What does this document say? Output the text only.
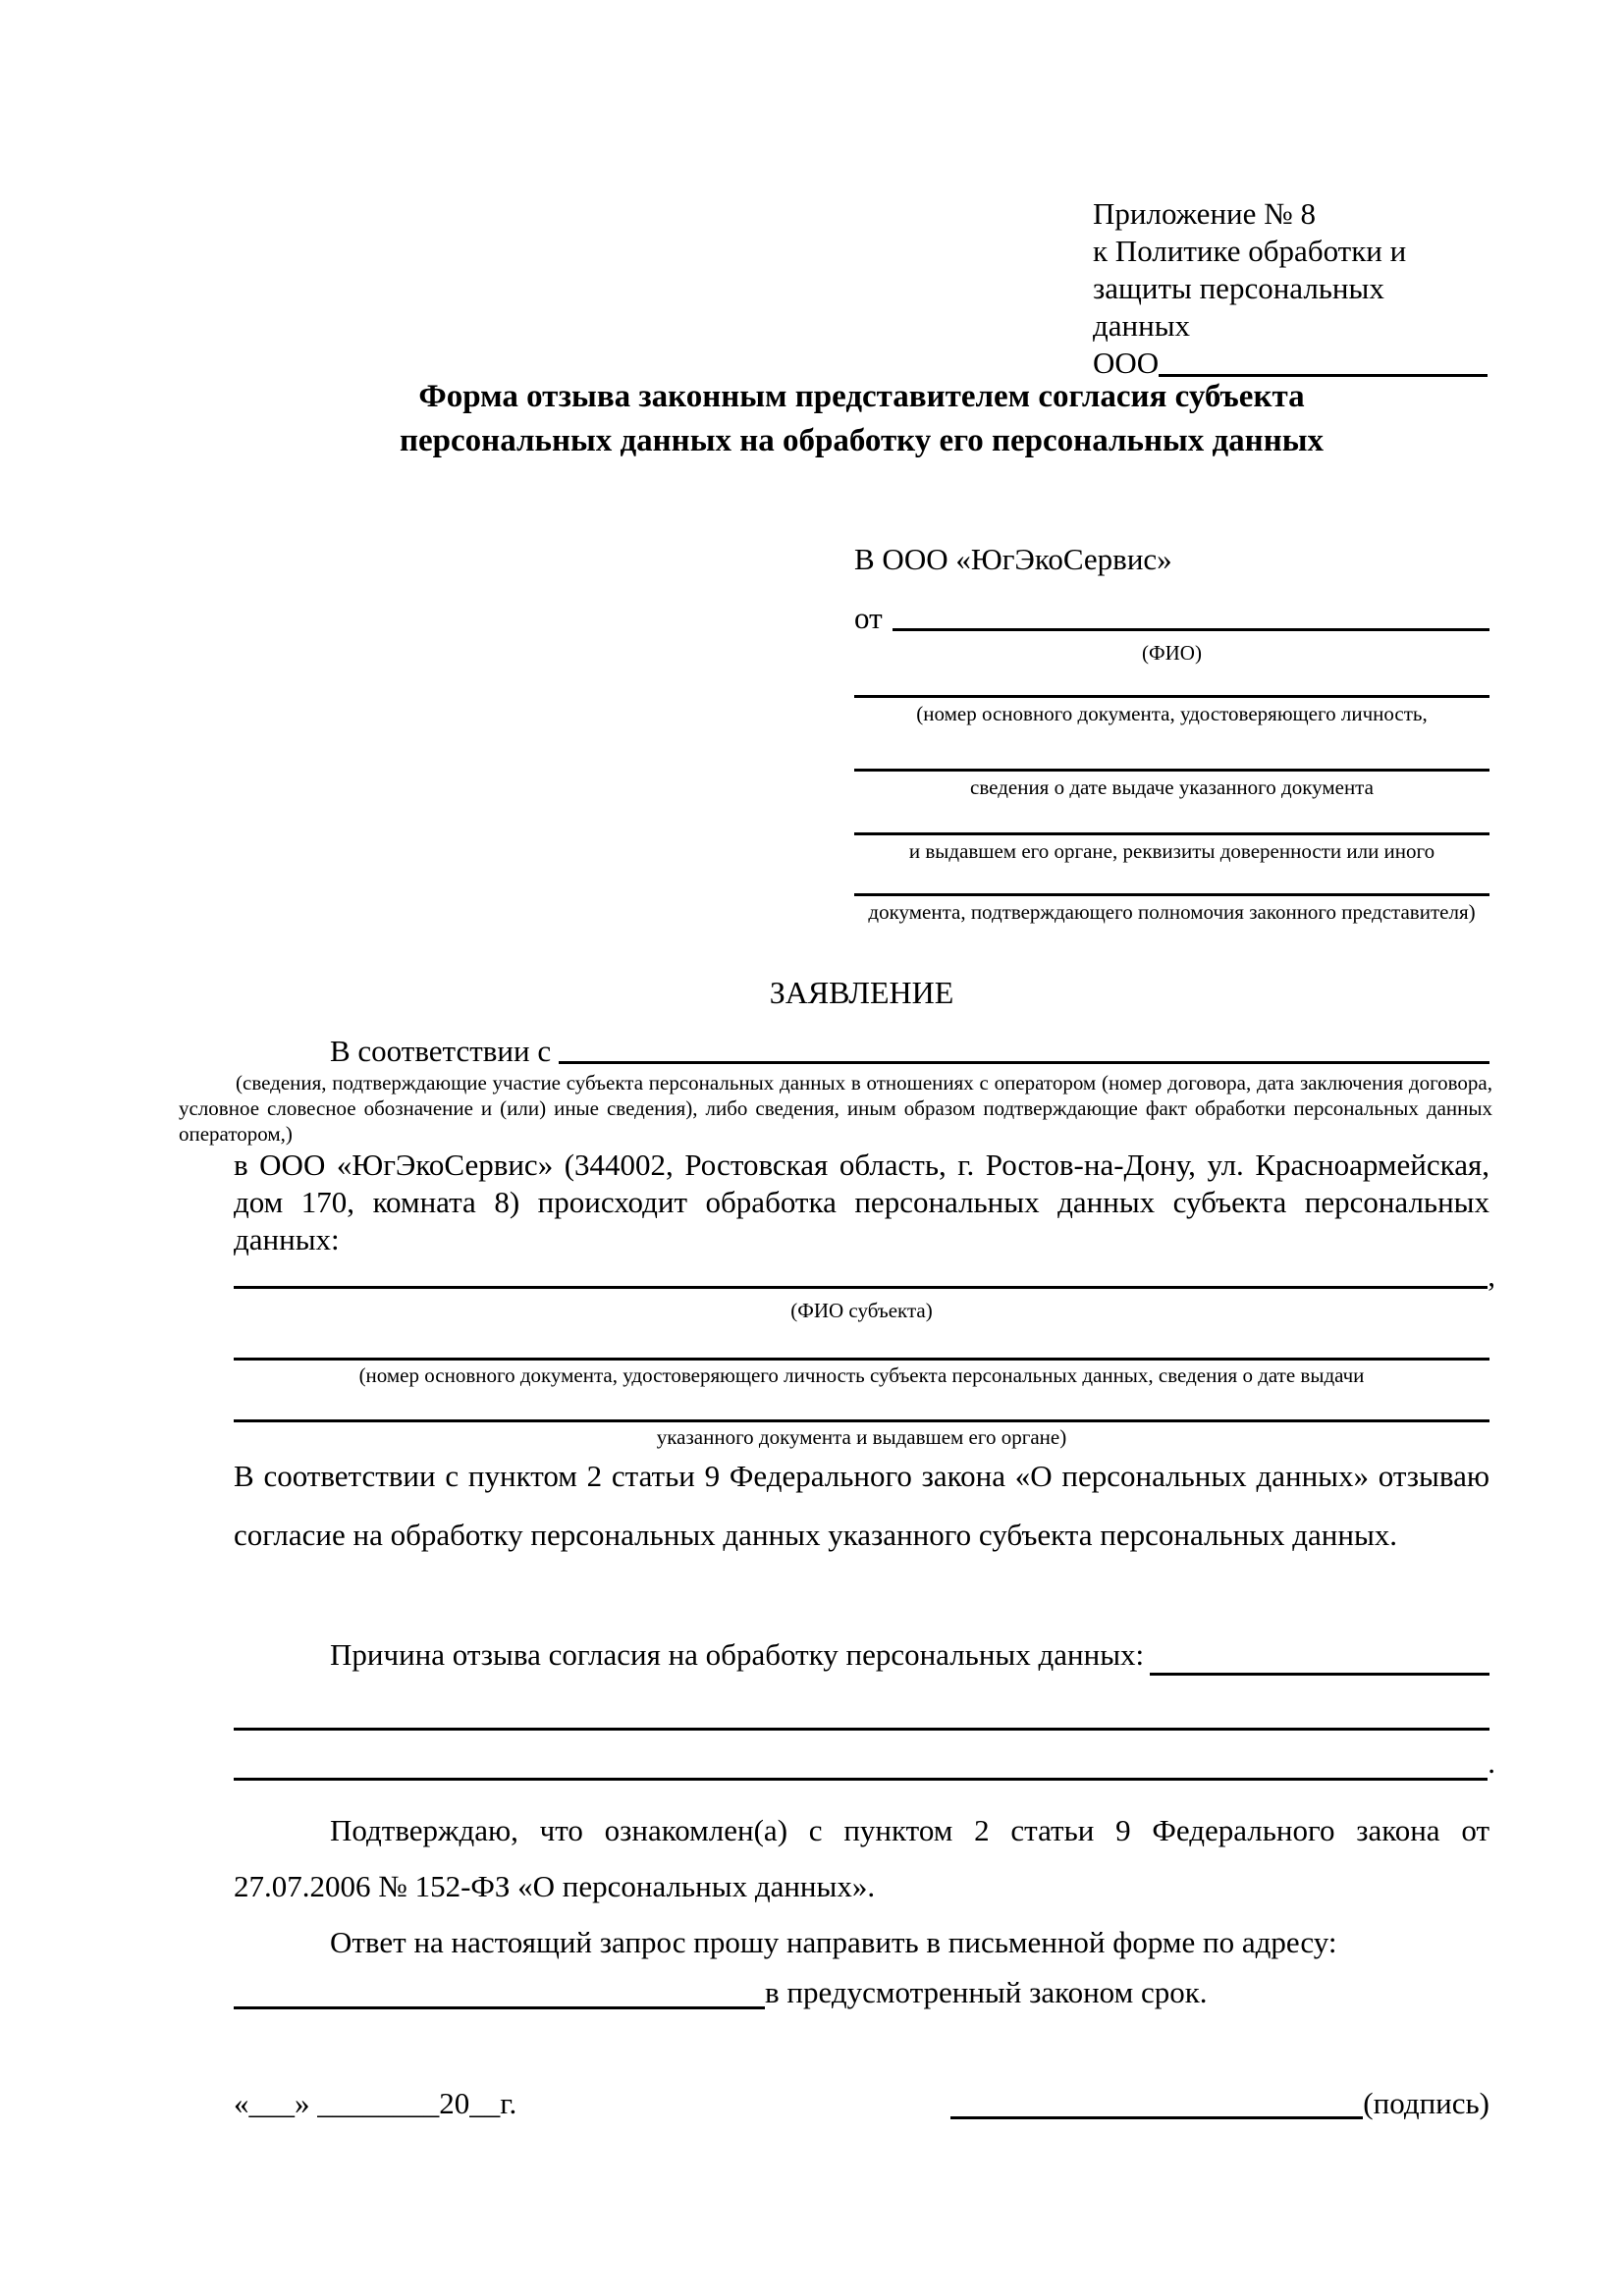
Приложение № 8
к Политике обработки и
защиты персональных данных
ООО
Форма отзыва законным представителем согласия субъекта
персональных данных на обработку его персональных данных
В ООО «ЮгЭкоСервис»
от
(ФИО)
(номер основного документа, удостоверяющего личность,
сведения о дате выдаче указанного документа
и выдавшем его органе, реквизиты доверенности или иного
документа, подтверждающего полномочия законного представителя)
ЗАЯВЛЕНИЕ
В соответствии с
(сведения, подтверждающие участие субъекта персональных данных в отношениях с оператором (номер договора, дата заключения договора, условное словесное обозначение и (или) иные сведения), либо сведения, иным образом подтверждающие факт обработки персональных данных оператором,)
в ООО «ЮгЭкоСервис» (344002, Ростовская область, г. Ростов-на-Дону, ул. Красноармейская, дом 170, комната 8) происходит обработка персональных данных субъекта персональных данных:
,
(ФИО субъекта)
(номер основного документа, удостоверяющего личность субъекта персональных данных, сведения о дате выдачи
указанного документа и выдавшем его органе)
В соответствии с пунктом 2 статьи 9 Федерального закона «О персональных данных» отзываю согласие на обработку персональных данных указанного субъекта персональных данных.
Причина отзыва согласия на обработку персональных данных:
.
Подтверждаю, что ознакомлен(а) с пунктом 2 статьи 9 Федерального закона от 27.07.2006 № 152-ФЗ «О персональных данных».
Ответ на настоящий запрос прошу направить в письменной форме по адресу:
в предусмотренный законом срок.
«___» ________20__г.	(подпись)
